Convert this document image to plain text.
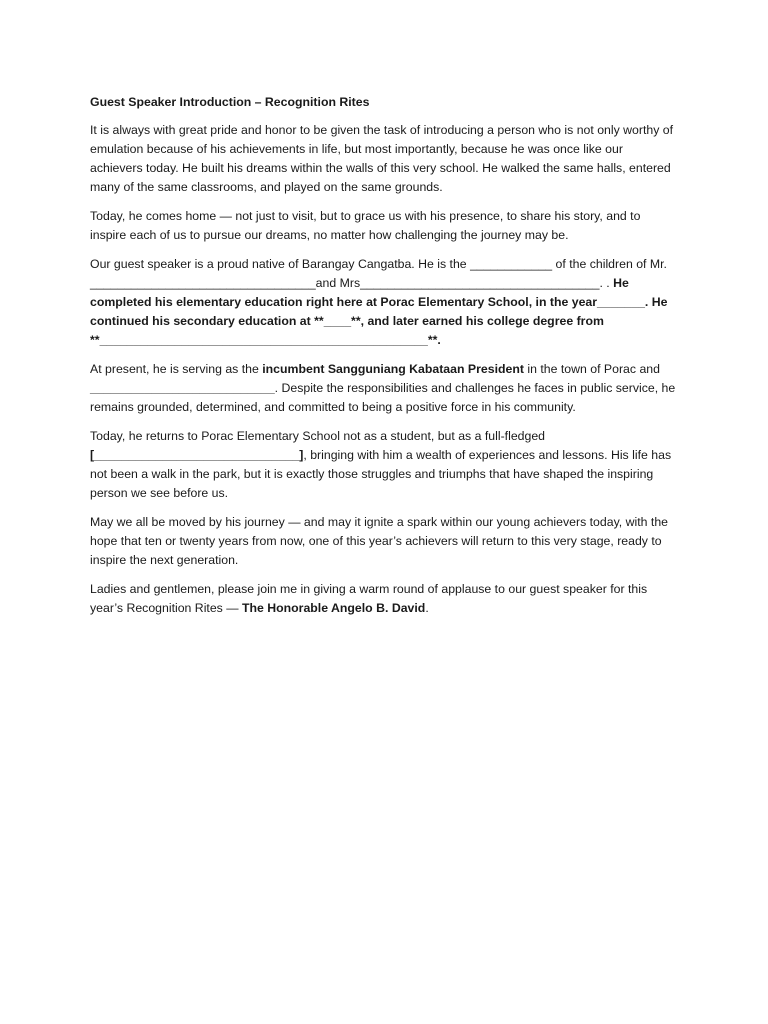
Guest Speaker Introduction – Recognition Rites

It is always with great pride and honor to be given the task of introducing a person who is not only worthy of emulation because of his achievements in life, but most importantly, because he was once like our achievers today. He built his dreams within the walls of this very school. He walked the same halls, entered many of the same classrooms, and played on the same grounds.

Today, he comes home — not just to visit, but to grace us with his presence, to share his story, and to inspire each of us to pursue our dreams, no matter how challenging the journey may be.

Our guest speaker is a proud native of Barangay Cangatba. He is the ____________ of the children of Mr. _________________________________and Mrs___________________________________. . He completed his elementary education right here at Porac Elementary School, in the year_______. He continued his secondary education at **____**, and later earned his college degree from **________________________________________________**.

At present, he is serving as the incumbent Sangguniang Kabataan President in the town of Porac and ___________________________. Despite the responsibilities and challenges he faces in public service, he remains grounded, determined, and committed to being a positive force in his community.

Today, he returns to Porac Elementary School not as a student, but as a full-fledged [______________________________], bringing with him a wealth of experiences and lessons. His life has not been a walk in the park, but it is exactly those struggles and triumphs that have shaped the inspiring person we see before us.

May we all be moved by his journey — and may it ignite a spark within our young achievers today, with the hope that ten or twenty years from now, one of this year’s achievers will return to this very stage, ready to inspire the next generation.

Ladies and gentlemen, please join me in giving a warm round of applause to our guest speaker for this year’s Recognition Rites — The Honorable Angelo B. David.
